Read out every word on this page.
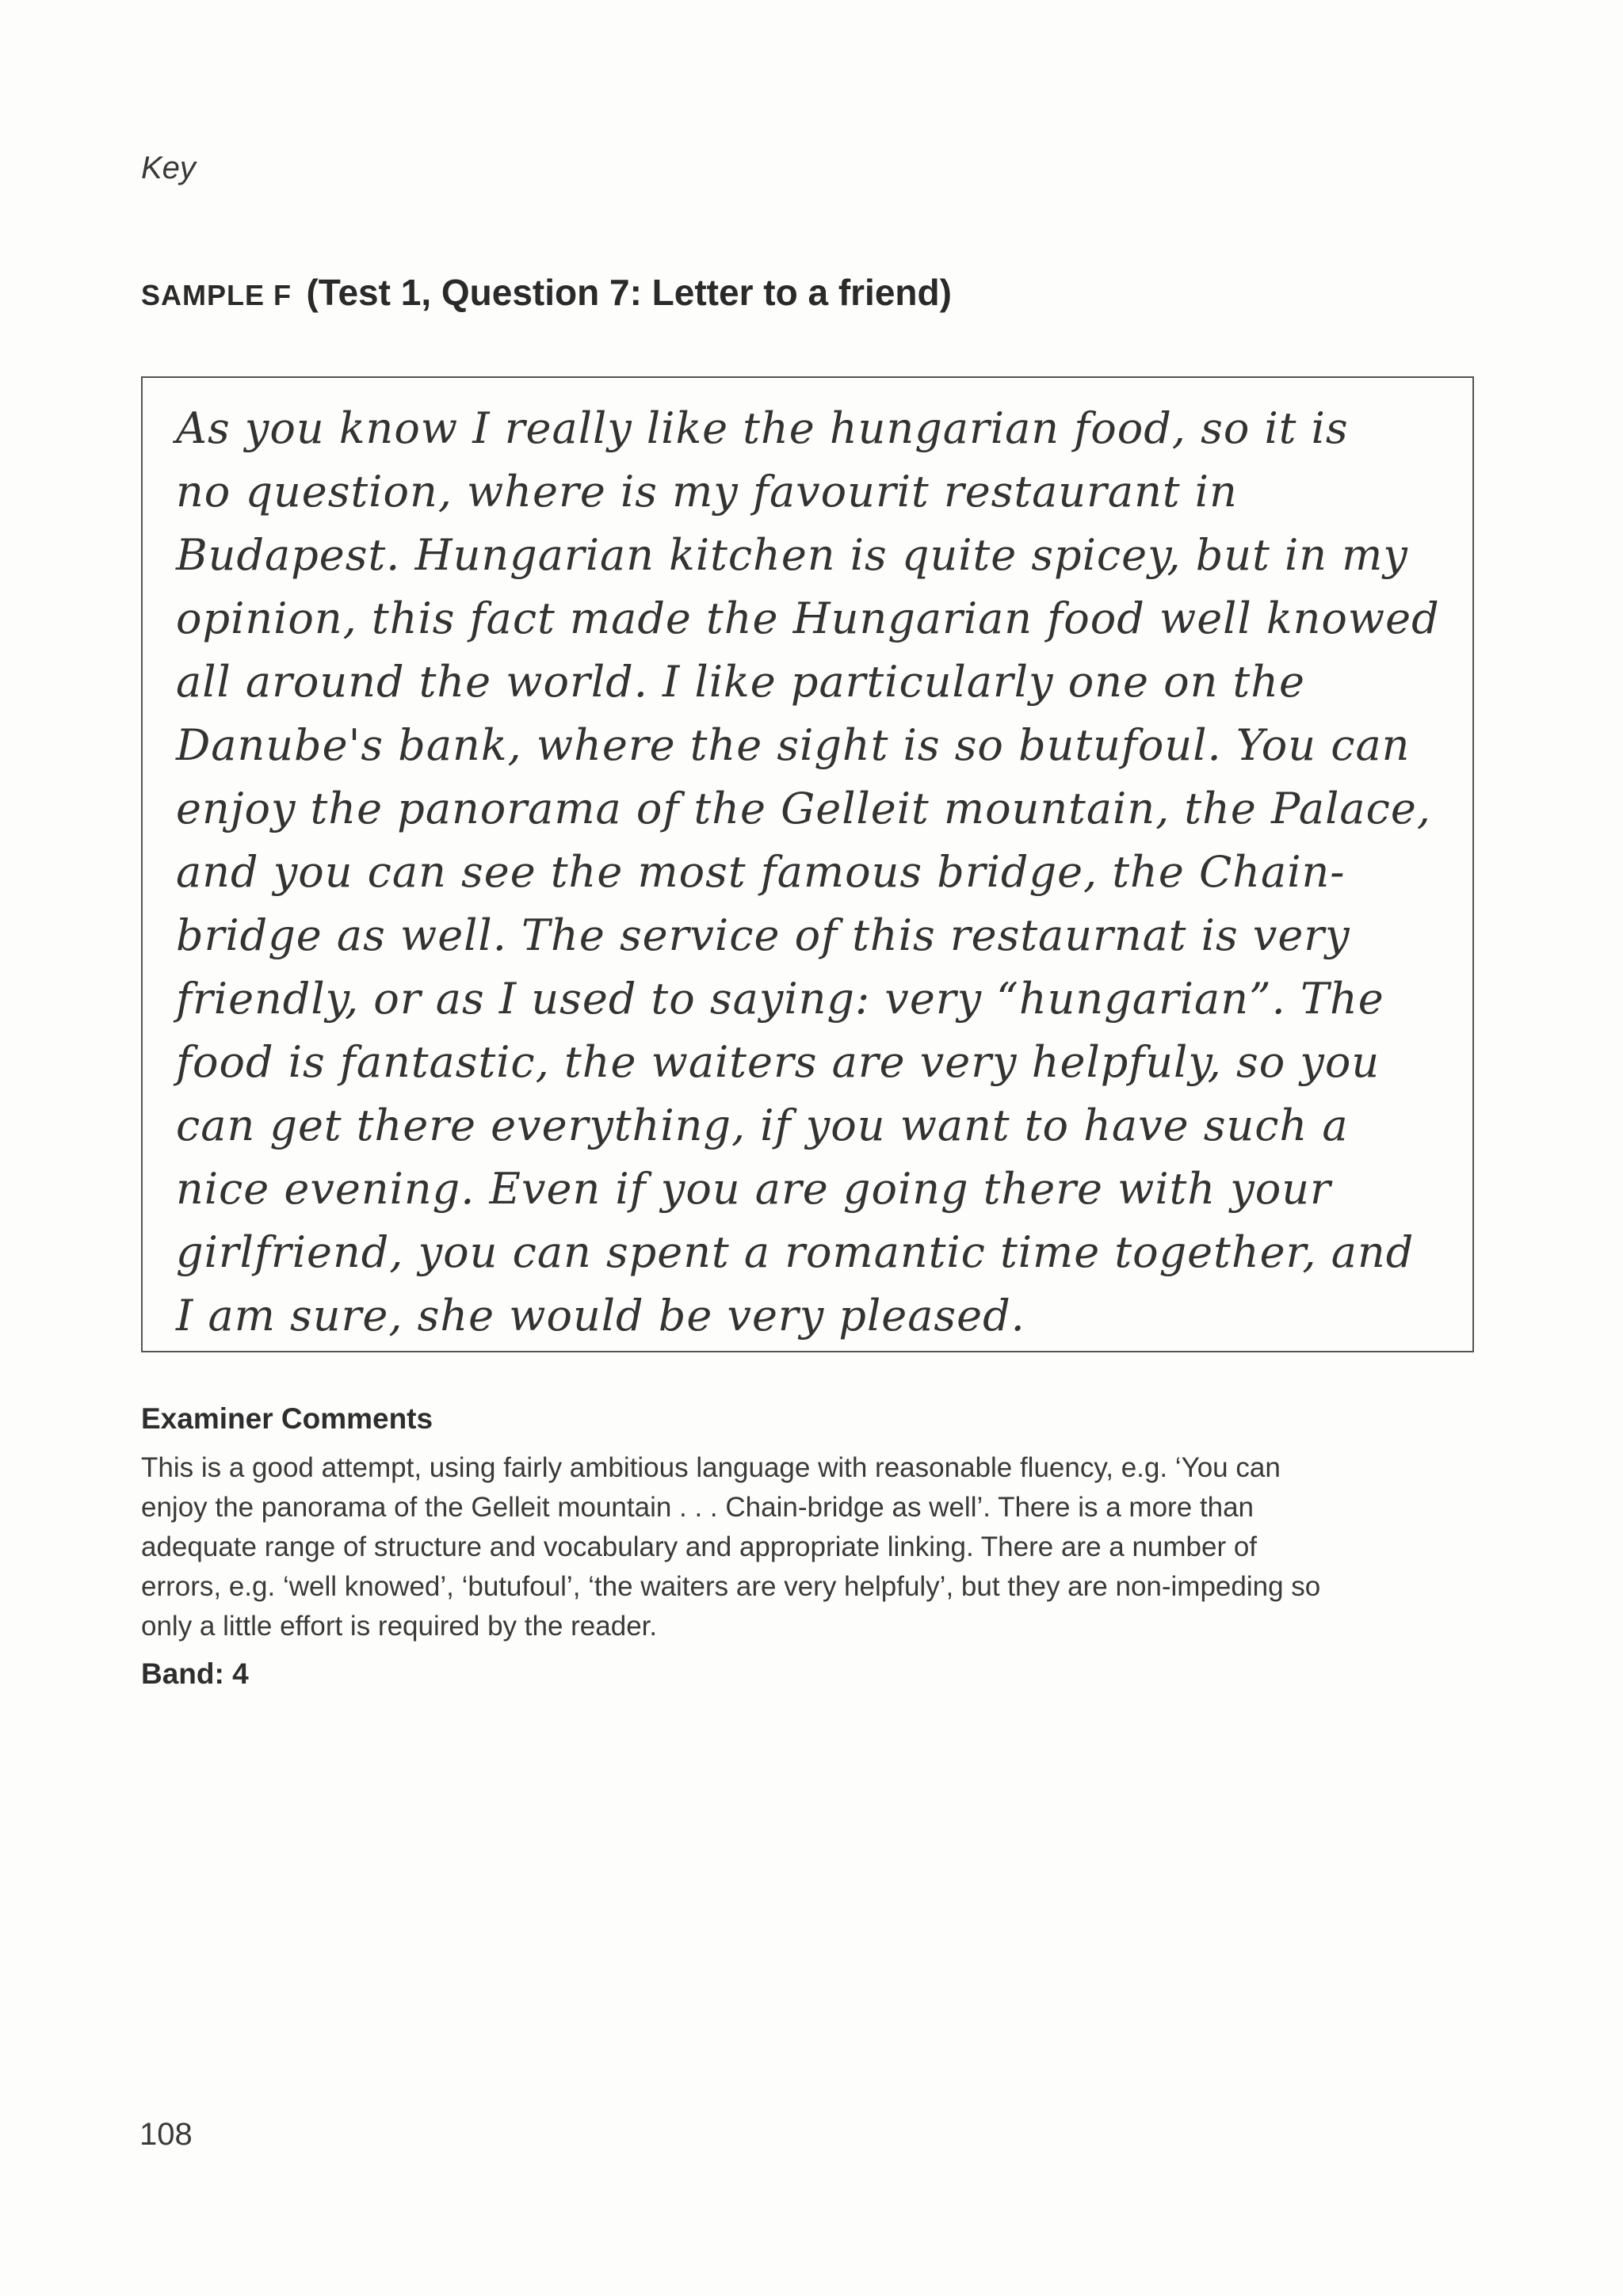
Key
SAMPLE F (Test 1, Question 7: Letter to a friend)
As you know I really like the hungarian food, so it is
no question, where is my favourit restaurant in
Budapest. Hungarian kitchen is quite spicey, but in my
opinion, this fact made the Hungarian food well knowed
all around the world. I like particularly one on the
Danube's bank, where the sight is so butufoul. You can
enjoy the panorama of the Gelleit mountain, the Palace,
and you can see the most famous bridge, the Chain-
bridge as well. The service of this restaurnat is very
friendly, or as I used to saying: very “hungarian”. The
food is fantastic, the waiters are very helpfuly, so you
can get there everything, if you want to have such a
nice evening. Even if you are going there with your
girlfriend, you can spent a romantic time together, and
I am sure, she would be very pleased.
Examiner Comments
This is a good attempt, using fairly ambitious language with reasonable fluency, e.g. ‘You can
enjoy the panorama of the Gelleit mountain . . . Chain-bridge as well’. There is a more than
adequate range of structure and vocabulary and appropriate linking. There are a number of
errors, e.g. ‘well knowed’, ‘butufoul’, ‘the waiters are very helpfuly’, but they are non-impeding so
only a little effort is required by the reader.
Band: 4
108
